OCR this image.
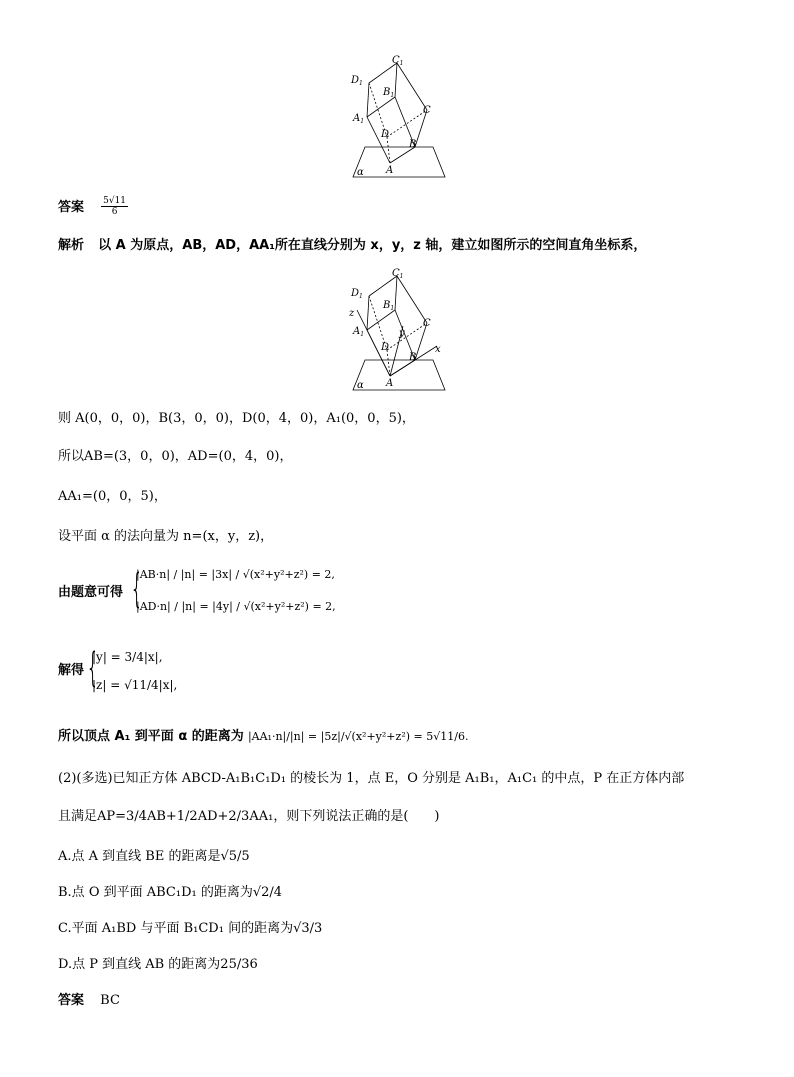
$C_1$
$D_1$
$B_1$
$A_1$
C
D
B
A
α
答案 $\frac{5√11}{6}$
解析 以 A 为原点，AB，AD，AA₁所在直线分别为 x，y，z 轴，建立如图所示的空间直角坐标系，
$C_1$
$D_1$
$B_1$
$A_1$
z
y
x
C
D
B
A
α
则 A(0，0，0)，B(3，0，0)，D(0，4，0)，A₁(0，0，5)，
所以AB=(3，0，0)，AD=(0，4，0)，
AA₁=(0，0，5)，
设平面 α 的法向量为 n=(x，y，z)，
由题意可得 {
|AB·n| / |n| = |3x| / √(x²+y²+z²) = 2,
|AD·n| / |n| = |4y| / √(x²+y²+z²) = 2,
解得 {
|y| = 3/4|x|,
|z| = √11/4|x|,
所以顶点 A₁ 到平面 α 的距离为 |AA₁·n|/|n| = |5z|/√(x²+y²+z²) = 5√11/6.
(2)(多选)已知正方体 ABCD-A₁B₁C₁D₁ 的棱长为 1，点 E，O 分别是 A₁B₁，A₁C₁ 的中点，P 在正方体内部
且满足AP=3/4AB+1/2AD+2/3AA₁，则下列说法正确的是(　　)
A.点 A 到直线 BE 的距离是√5/5
B.点 O 到平面 ABC₁D₁ 的距离为√2/4
C.平面 A₁BD 与平面 B₁CD₁ 间的距离为√3/3
D.点 P 到直线 AB 的距离为25/36
答案 BC
